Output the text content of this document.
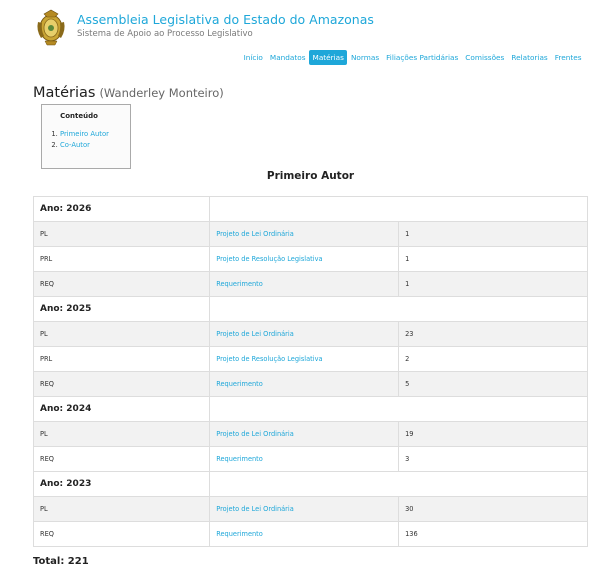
Assembleia Legislativa do Estado do Amazonas
Sistema de Apoio ao Processo Legislativo
Início Mandatos Matérias Normas Filiações Partidárias Comissões Relatorias Frentes
Matérias (Wanderley Monteiro)
Conteúdo
1. Primeiro Autor
2. Co-Autor
Primeiro Autor
Ano: 2026		
PL	Projeto de Lei Ordinária	1
PRL	Projeto de Resolução Legislativa	1
REQ	Requerimento	1
Ano: 2025		
PL	Projeto de Lei Ordinária	23
PRL	Projeto de Resolução Legislativa	2
REQ	Requerimento	5
Ano: 2024		
PL	Projeto de Lei Ordinária	19
REQ	Requerimento	3
Ano: 2023		
PL	Projeto de Lei Ordinária	30
REQ	Requerimento	136
Total: 221
